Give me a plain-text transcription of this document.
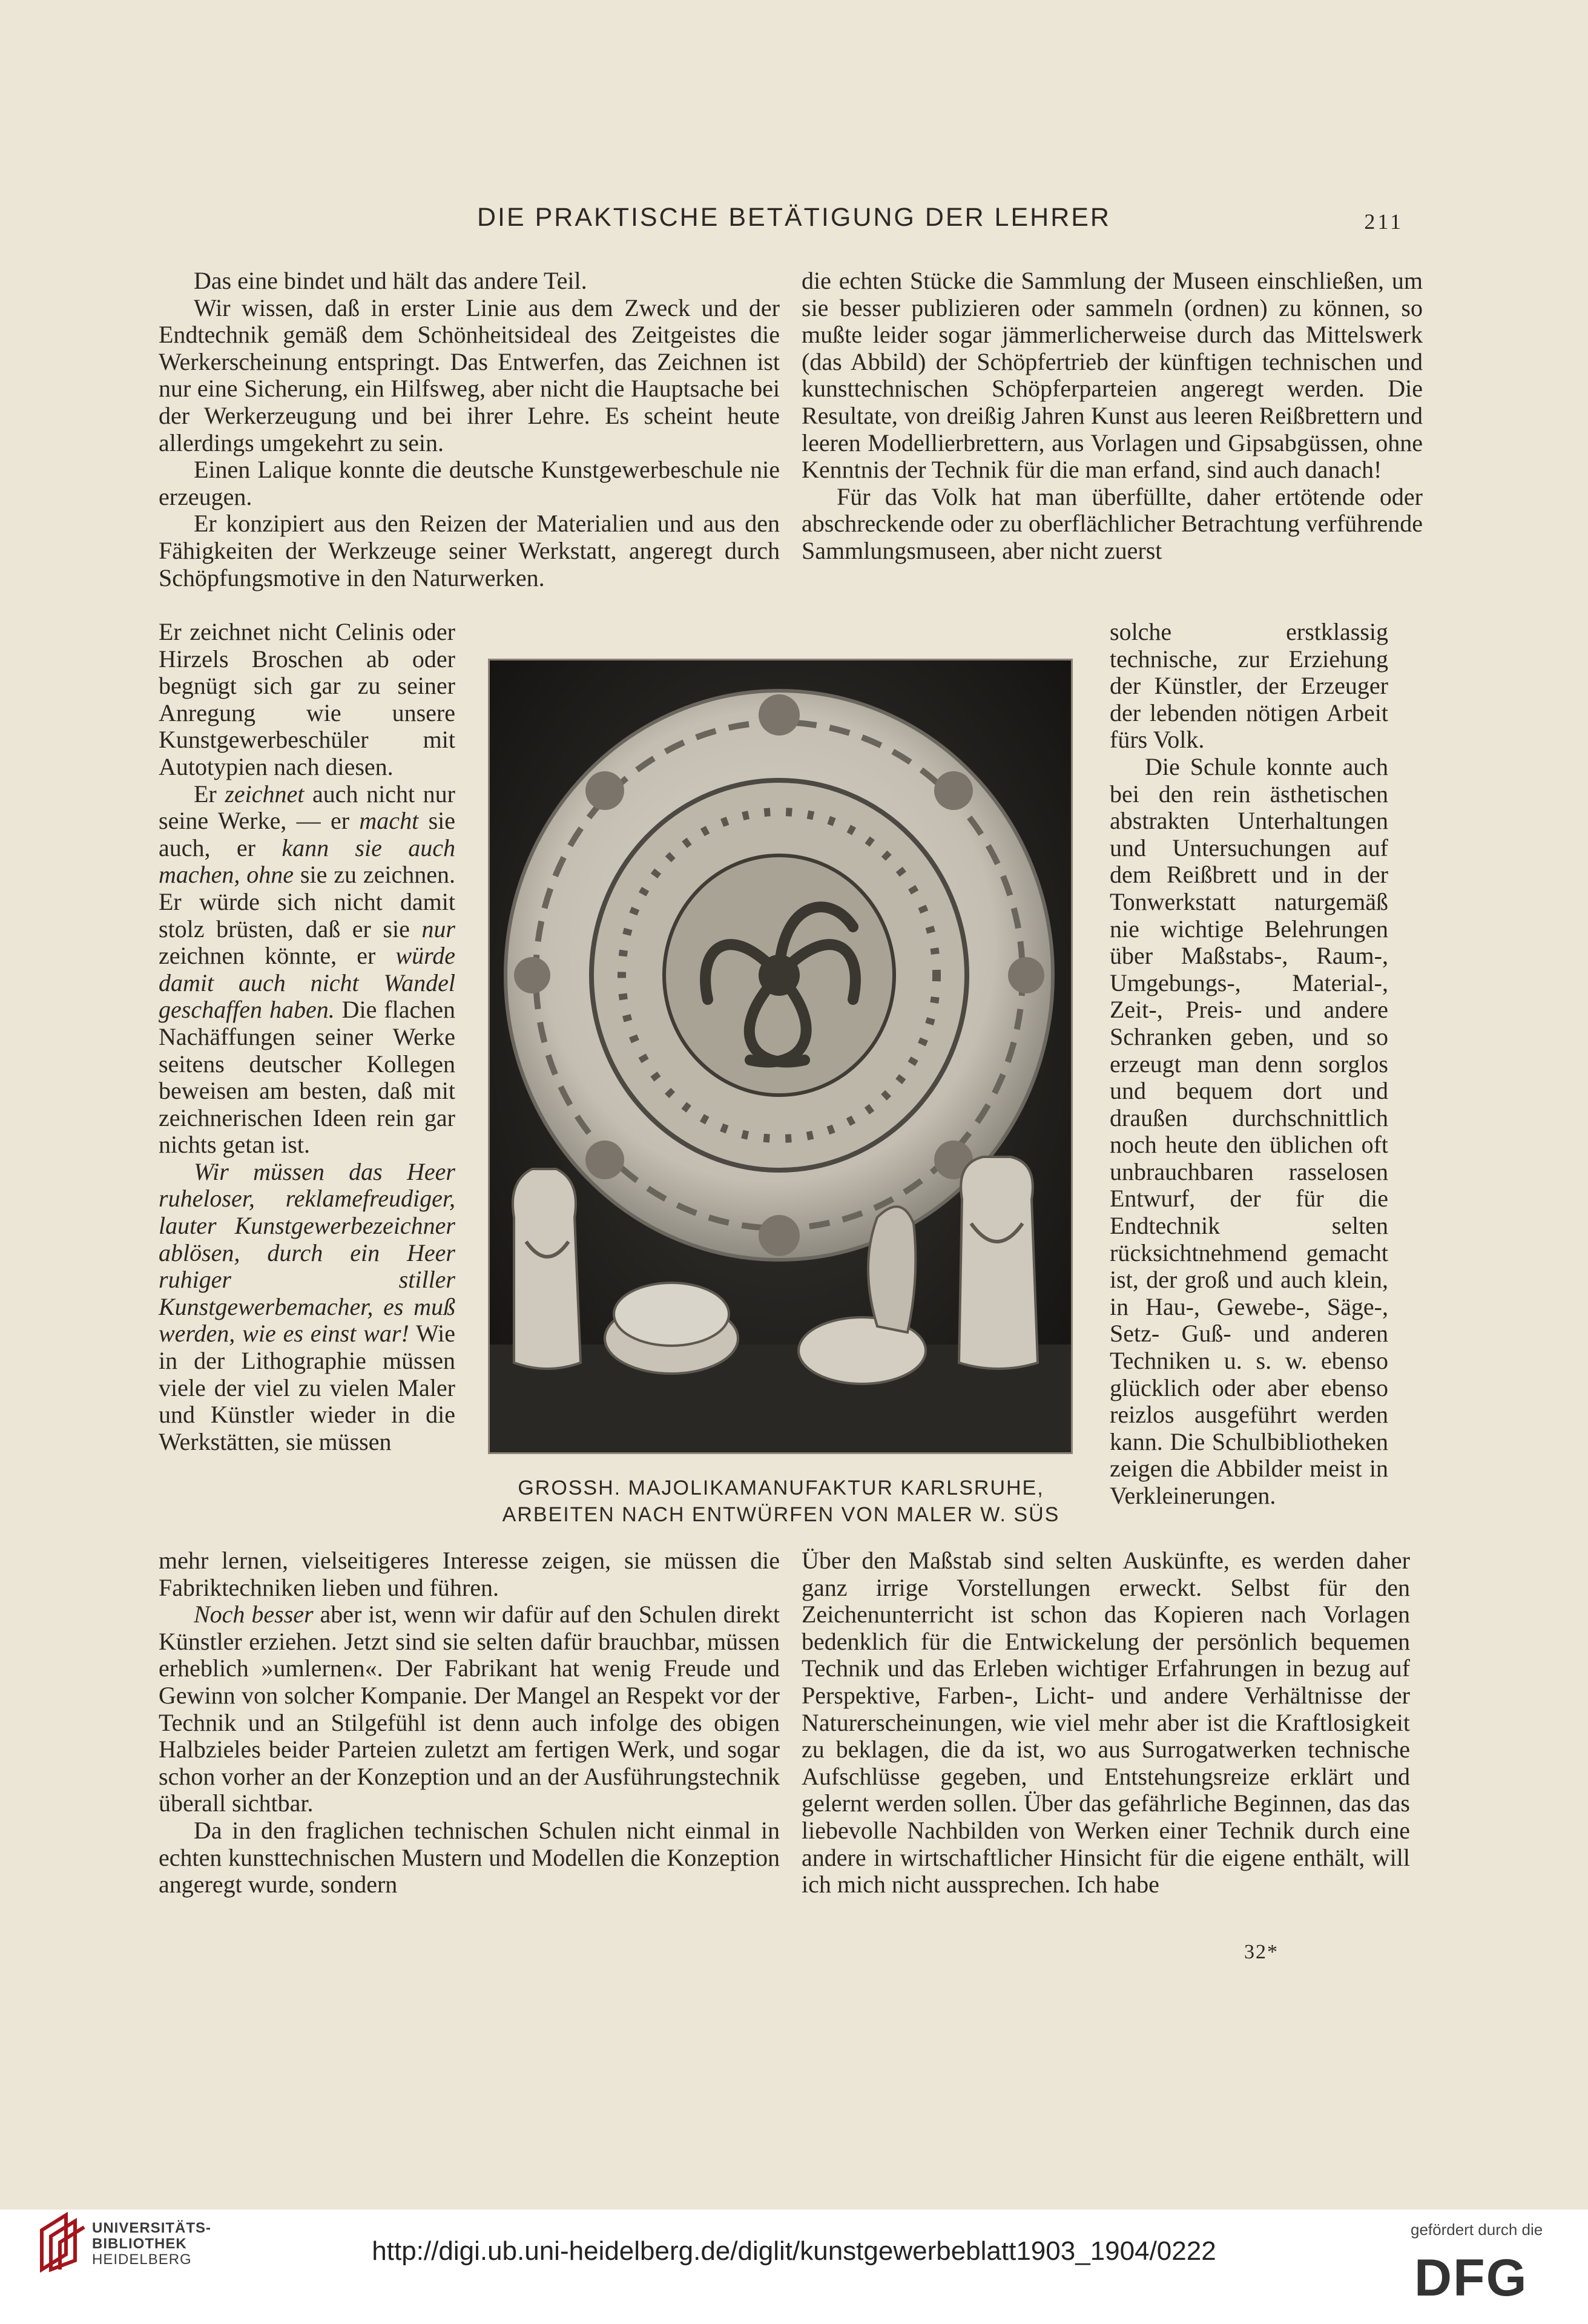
DIE PRAKTISCHE BETÄTIGUNG DER LEHRER	211

Das eine bindet und hält das andere Teil.

Wir wissen, daß in erster Linie aus dem Zweck und der Endtechnik gemäß dem Schönheitsideal des Zeitgeistes die Werkerscheinung entspringt. Das Entwerfen, das Zeichnen ist nur eine Sicherung, ein Hilfsweg, aber nicht die Hauptsache bei der Werkerzeugung und bei ihrer Lehre. Es scheint heute allerdings umgekehrt zu sein.

Einen Lalique konnte die deutsche Kunstgewerbeschule nie erzeugen.

Er konzipiert aus den Reizen der Materialien und aus den Fähigkeiten der Werkzeuge seiner Werkstatt, angeregt durch Schöpfungsmotive in den Naturwerken.

die echten Stücke die Sammlung der Museen einschließen, um sie besser publizieren oder sammeln (ordnen) zu können, so mußte leider sogar jämmerlicherweise durch das Mittelswerk (das Abbild) der Schöpfertrieb der künftigen technischen und kunsttechnischen Schöpferparteien angeregt werden. Die Resultate, von dreißig Jahren Kunst aus leeren Reißbrettern und leeren Modellierbrettern, aus Vorlagen und Gipsabgüssen, ohne Kenntnis der Technik für die man erfand, sind auch danach!

Für das Volk hat man überfüllte, daher ertötende oder abschreckende oder zu oberflächlicher Betrachtung verführende Sammlungsmuseen, aber nicht zuerst

Er zeichnet nicht Celinis oder Hirzels Broschen ab oder begnügt sich gar zu seiner Anregung wie unsere Kunstgewerbeschüler mit Autotypien nach diesen.

Er zeichnet auch nicht nur seine Werke, — er macht sie auch, er kann sie auch machen, ohne sie zu zeichnen. Er würde sich nicht damit stolz brüsten, daß er sie nur zeichnen könnte, er würde damit auch nicht Wandel geschaffen haben. Die flachen Nachäffungen seiner Werke seitens deutscher Kollegen beweisen am besten, daß mit zeichnerischen Ideen rein gar nichts getan ist.

Wir müssen das Heer ruheloser, reklamefreudiger, lauter Kunstgewerbezeichner ablösen, durch ein Heer ruhiger stiller Kunstgewerbemacher, es muß werden, wie es einst war! Wie in der Lithographie müssen viele der viel zu vielen Maler und Künstler wieder in die Werkstätten, sie müssen

GROSSH. MAJOLIKAMANUFAKTUR KARLSRUHE,
ARBEITEN NACH ENTWÜRFEN VON MALER W. SÜS

solche erstklassig technische, zur Erziehung der Künstler, der Erzeuger der lebenden nötigen Arbeit fürs Volk.

Die Schule konnte auch bei den rein ästhetischen abstrakten Unterhaltungen und Untersuchungen auf dem Reißbrett und in der Tonwerkstatt naturgemäß nie wichtige Belehrungen über Maßstabs-, Raum-, Umgebungs-, Material-, Zeit-, Preis- und andere Schranken geben, und so erzeugt man denn sorglos und bequem dort und draußen durchschnittlich noch heute den üblichen oft unbrauchbaren rasselosen Entwurf, der für die Endtechnik selten rücksichtnehmend gemacht ist, der groß und auch klein, in Hau-, Gewebe-, Säge-, Setz- Guß- und anderen Techniken u. s. w. ebenso glücklich oder aber ebenso reizlos ausgeführt werden kann. Die Schulbibliotheken zeigen die Abbilder meist in Verkleinerungen.

mehr lernen, vielseitigeres Interesse zeigen, sie müssen die Fabriktechniken lieben und führen.

Noch besser aber ist, wenn wir dafür auf den Schulen direkt Künstler erziehen. Jetzt sind sie selten dafür brauchbar, müssen erheblich »umlernen«. Der Fabrikant hat wenig Freude und Gewinn von solcher Kompanie. Der Mangel an Respekt vor der Technik und an Stilgefühl ist denn auch infolge des obigen Halbzieles beider Parteien zuletzt am fertigen Werk, und sogar schon vorher an der Konzeption und an der Ausführungstechnik überall sichtbar.

Da in den fraglichen technischen Schulen nicht einmal in echten kunsttechnischen Mustern und Modellen die Konzeption angeregt wurde, sondern

Über den Maßstab sind selten Auskünfte, es werden daher ganz irrige Vorstellungen erweckt. Selbst für den Zeichenunterricht ist schon das Kopieren nach Vorlagen bedenklich für die Entwickelung der persönlich bequemen Technik und das Erleben wichtiger Erfahrungen in bezug auf Perspektive, Farben-, Licht- und andere Verhältnisse der Naturerscheinungen, wie viel mehr aber ist die Kraftlosigkeit zu beklagen, die da ist, wo aus Surrogatwerken technische Aufschlüsse gegeben, und Entstehungsreize erklärt und gelernt werden sollen. Über das gefährliche Beginnen, das das liebevolle Nachbilden von Werken einer Technik durch eine andere in wirtschaftlicher Hinsicht für die eigene enthält, will ich mich nicht aussprechen. Ich habe

32*
UNIVERSITÄTS-
BIBLIOTHEK
HEIDELBERG	http://digi.ub.uni-heidelberg.de/diglit/kunstgewerbeblatt1903_1904/0222
gefördert durch die
DFG
